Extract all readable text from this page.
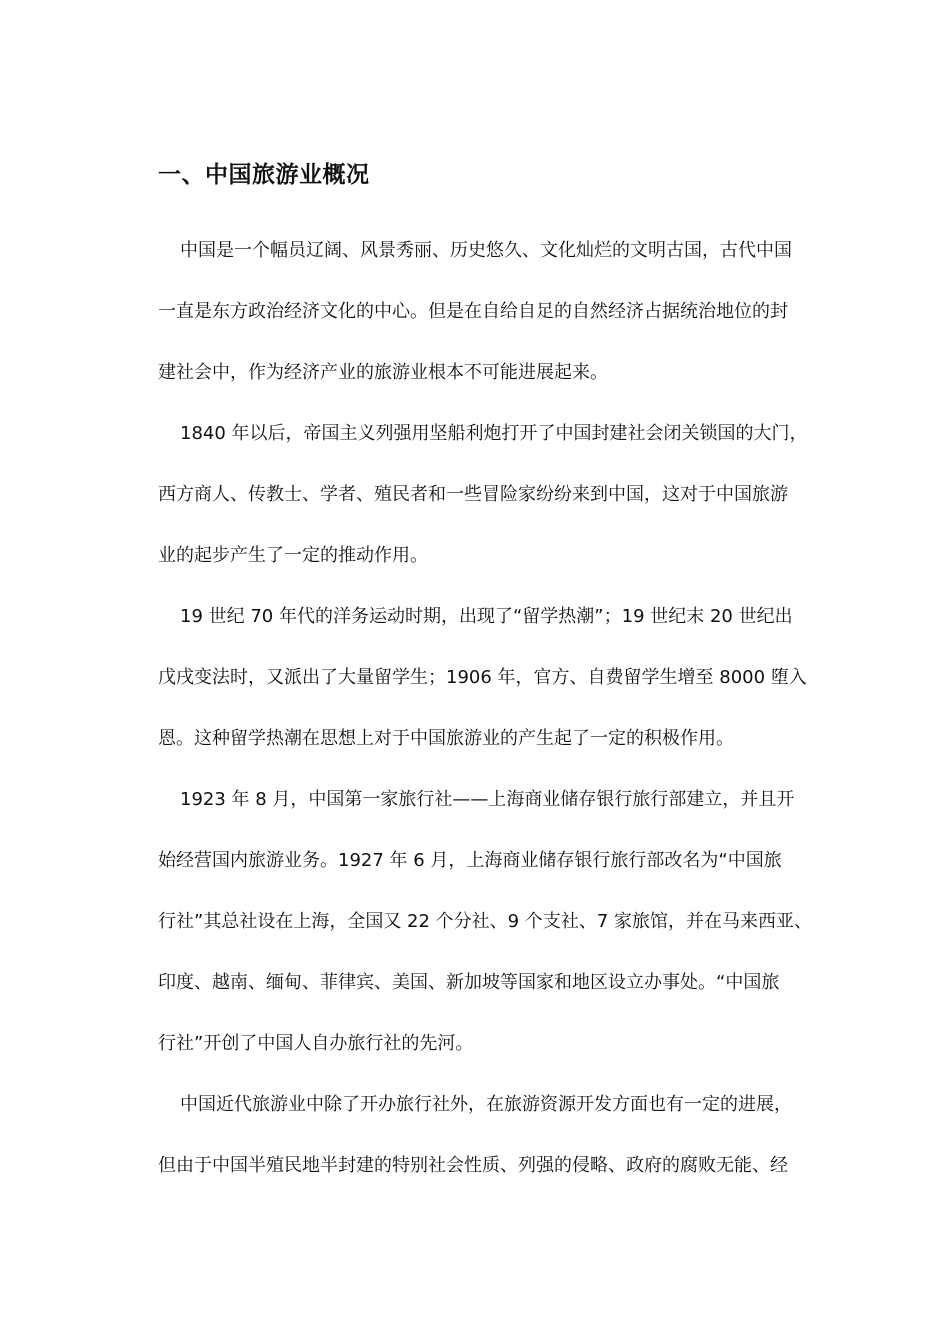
一、中国旅游业概况
中国是一个幅员辽阔、风景秀丽、历史悠久、文化灿烂的文明古国，古代中国
一直是东方政治经济文化的中心。但是在自给自足的自然经济占据统治地位的封
建社会中，作为经济产业的旅游业根本不可能进展起来。
1840 年以后，帝国主义列强用坚船利炮打开了中国封建社会闭关锁国的大门，
西方商人、传教士、学者、殖民者和一些冒险家纷纷来到中国，这对于中国旅游
业的起步产生了一定的推动作用。
19 世纪 70 年代的洋务运动时期，出现了“留学热潮”；19 世纪末 20 世纪出
戊戌变法时，又派出了大量留学生；1906 年，官方、自费留学生增至 8000 堕入
恩。这种留学热潮在思想上对于中国旅游业的产生起了一定的积极作用。
1923 年 8 月，中国第一家旅行社——上海商业储存银行旅行部建立，并且开
始经营国内旅游业务。1927 年 6 月，上海商业储存银行旅行部改名为“中国旅
行社”其总社设在上海，全国又 22 个分社、9 个支社、7 家旅馆，并在马来西亚、
印度、越南、缅甸、菲律宾、美国、新加坡等国家和地区设立办事处。“中国旅
行社”开创了中国人自办旅行社的先河。
中国近代旅游业中除了开办旅行社外，在旅游资源开发方面也有一定的进展，
但由于中国半殖民地半封建的特别社会性质、列强的侵略、政府的腐败无能、经
